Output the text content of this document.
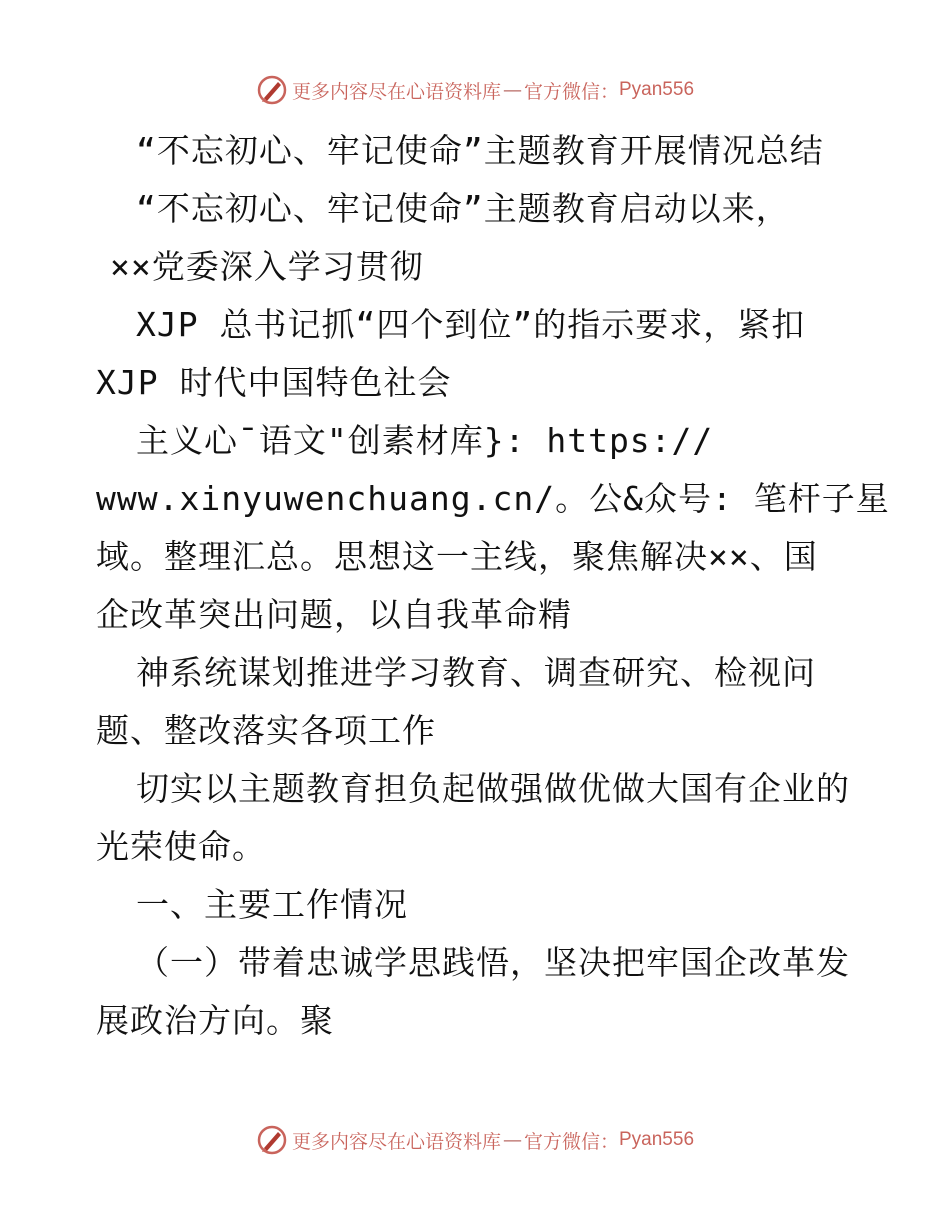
更多内容尽在心语资料库 — 官方微信： Pyan556
“不忘初心、牢记使命”主题教育开展情况总结
“不忘初心、牢记使命”主题教育启动以来，
××党委深入学习贯彻
XJP 总书记抓“四个到位”的指示要求，紧扣
XJP 时代中国特色社会
主义心¯语文"创素材库}: https://
www.xinyuwenchuang.cn/。公&众号: 笔杆子星
域。整理汇总。思想这一主线，聚焦解决××、国
企改革突出问题，以自我革命精
神系统谋划推进学习教育、调查研究、检视问
题、整改落实各项工作
切实以主题教育担负起做强做优做大国有企业的
光荣使命。
一、主要工作情况
（一）带着忠诚学思践悟，坚决把牢国企改革发
展政治方向。聚
更多内容尽在心语资料库 — 官方微信： Pyan556
